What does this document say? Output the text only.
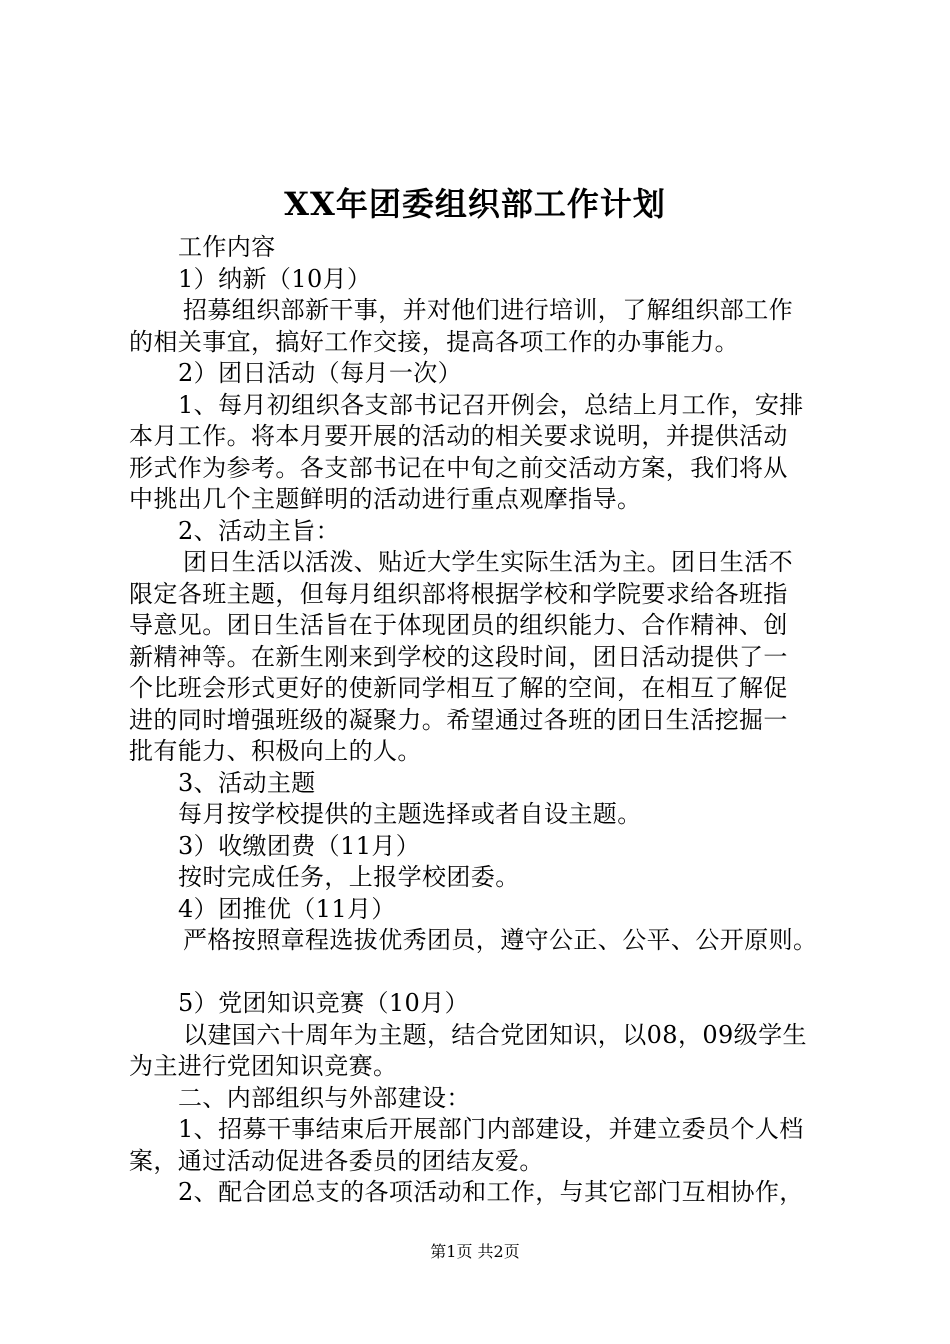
XX年团委组织部工作计划
工作内容
1）纳新（10月）
招募组织部新干事，并对他们进行培训，了解组织部工作
的相关事宜，搞好工作交接，提高各项工作的办事能力。
2）团日活动（每月一次）
1、每月初组织各支部书记召开例会，总结上月工作，安排
本月工作。将本月要开展的活动的相关要求说明，并提供活动
形式作为参考。各支部书记在中旬之前交活动方案，我们将从
中挑出几个主题鲜明的活动进行重点观摩指导。
2、活动主旨：
团日生活以活泼、贴近大学生实际生活为主。团日生活不
限定各班主题，但每月组织部将根据学校和学院要求给各班指
导意见。团日生活旨在于体现团员的组织能力、合作精神、创
新精神等。在新生刚来到学校的这段时间，团日活动提供了一
个比班会形式更好的使新同学相互了解的空间，在相互了解促
进的同时增强班级的凝聚力。希望通过各班的团日生活挖掘一
批有能力、积极向上的人。
3、活动主题
每月按学校提供的主题选择或者自设主题。
3）收缴团费（11月）
按时完成任务，上报学校团委。
4）团推优（11月）
严格按照章程选拔优秀团员，遵守公正、公平、公开原则。
5）党团知识竞赛（10月）
以建国六十周年为主题，结合党团知识，以08，09级学生
为主进行党团知识竞赛。
二、内部组织与外部建设：
1、招募干事结束后开展部门内部建设，并建立委员个人档
案，通过活动促进各委员的团结友爱。
2、配合团总支的各项活动和工作，与其它部门互相协作，
第1页 共2页
